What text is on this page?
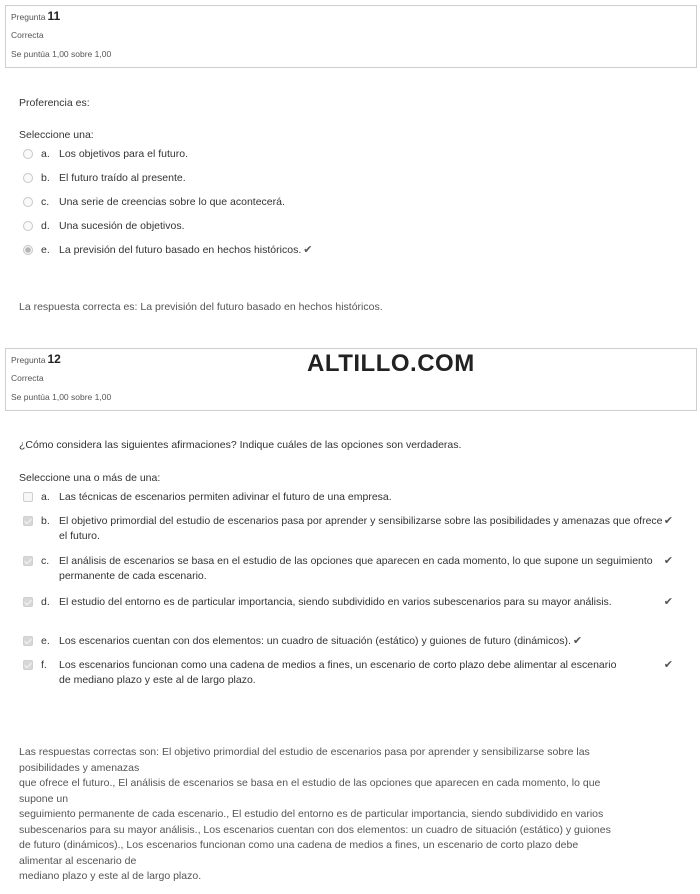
Pregunta 11
Correcta
Se puntúa 1,00 sobre 1,00
Proferencia es:
Seleccione una:
a. Los objetivos para el futuro.
b. El futuro traído al presente.
c. Una serie de creencias sobre lo que acontecerá.
d. Una sucesión de objetivos.
e. La previsión del futuro basado en hechos históricos. ✔
La respuesta correcta es: La previsión del futuro basado en hechos históricos.
Pregunta 12
Correcta
Se puntúa 1,00 sobre 1,00
ALTILLO.COM
¿Cómo considera las siguientes afirmaciones? Indique cuáles de las opciones son verdaderas.
Seleccione una o más de una:
a. Las técnicas de escenarios permiten adivinar el futuro de una empresa.
b. El objetivo primordial del estudio de escenarios pasa por aprender y sensibilizarse sobre las posibilidades y amenazas que ofrece el futuro.
✔
c. El análisis de escenarios se basa en el estudio de las opciones que aparecen en cada momento, lo que supone un seguimiento permanente de cada escenario.
✔
d. El estudio del entorno es de particular importancia, siendo subdividido en varios subescenarios para su mayor análisis.	✔
e. Los escenarios cuentan con dos elementos: un cuadro de situación (estático) y guiones de futuro (dinámicos). ✔
f. Los escenarios funcionan como una cadena de medios a fines, un escenario de corto plazo debe alimentar al escenario de mediano plazo y este al de largo plazo.
✔
Las respuestas correctas son: El objetivo primordial del estudio de escenarios pasa por aprender y sensibilizarse sobre las
posibilidades y amenazas
que ofrece el futuro., El análisis de escenarios se basa en el estudio de las opciones que aparecen en cada momento, lo que
supone un
seguimiento permanente de cada escenario., El estudio del entorno es de particular importancia, siendo subdividido en varios
subescenarios para su mayor análisis., Los escenarios cuentan con dos elementos: un cuadro de situación (estático) y guiones
de futuro (dinámicos)., Los escenarios funcionan como una cadena de medios a fines, un escenario de corto plazo debe
alimentar al escenario de
mediano plazo y este al de largo plazo.
